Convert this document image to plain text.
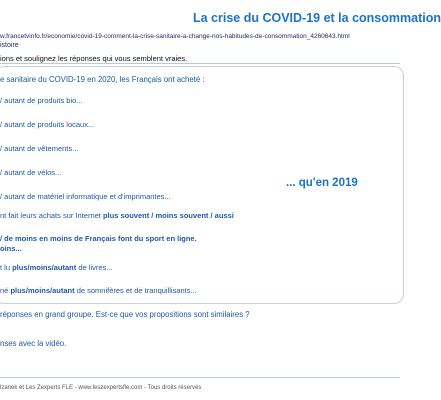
La crise du COVID-19 et la consommation
w.francetvinfo.fr/economie/covid-19-comment-la-crise-sanitaire-a-change-nos-habitudes-de-consommation_4260643.html
istoire
ions et soulignez les réponses qui vous semblent vraies.
e sanitaire du COVID-19 en 2020, les Français ont acheté :
/ autant de produits bio...
/ autant de produits locaux...
/ autant de vêtements...
/ autant de vélos...
/ autant de matériel informatique et d'imprimantes...
... qu'en 2019
nt fait leurs achats sur Internet plus souvent / moins souvent / aussi
/ de moins en moins de Français font du sport en ligne.
oins...
t lu plus/moins/autant de livres...
né plus/moins/autant de somnifères et de tranquillisants...
réponses en grand groupe. Est-ce que vos propositions sont similaires ?
nses avec la vidéo.
lzanek et Les Zexperts FLE - www.leszexpertsfle.com - Tous droits réservés
